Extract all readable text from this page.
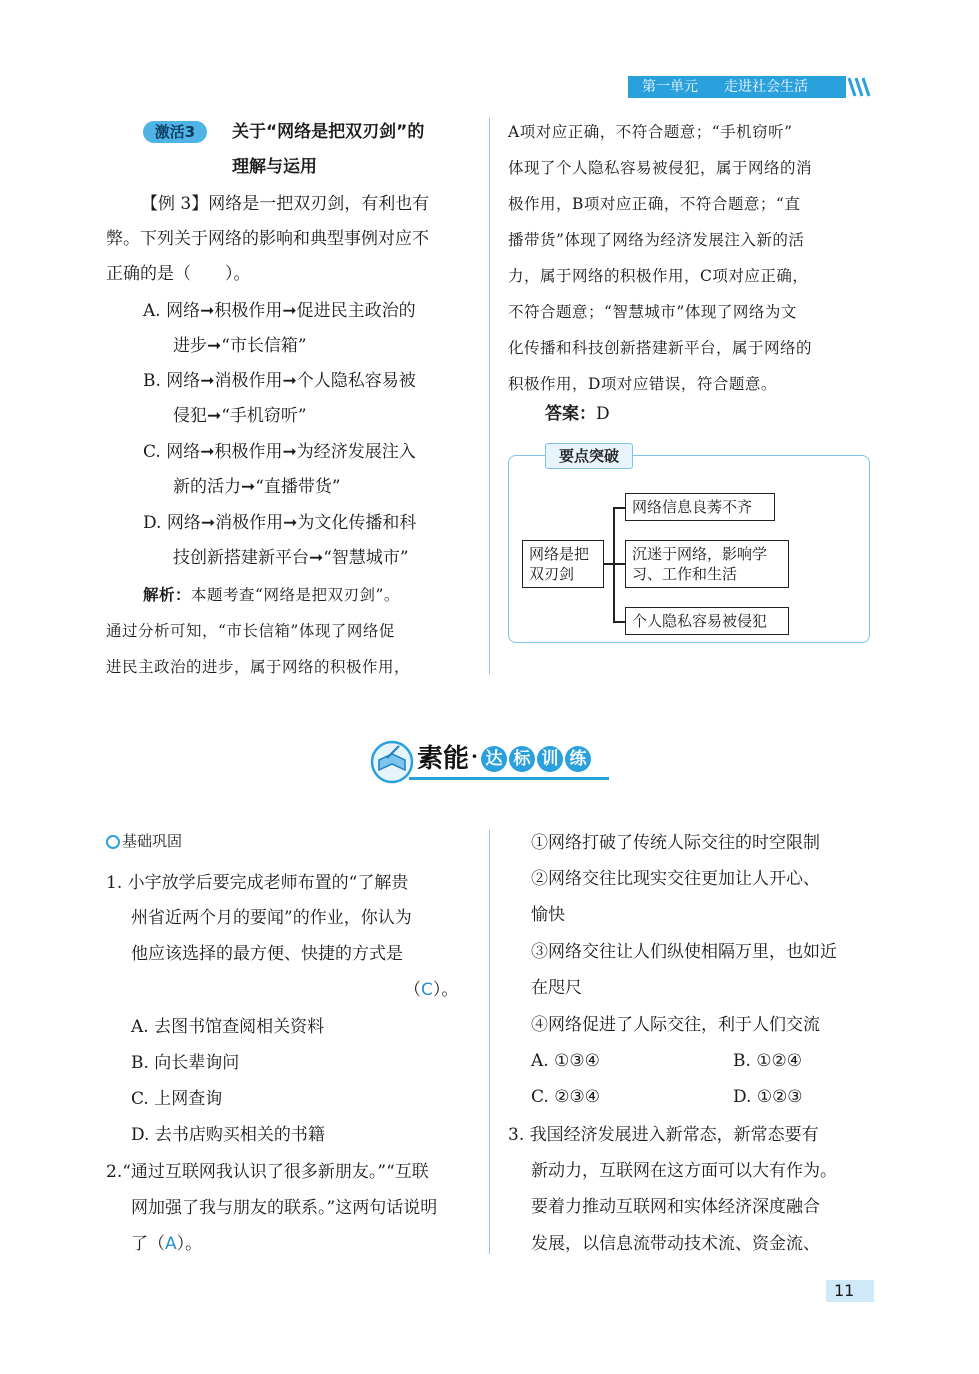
第一单元 走进社会生活
激活3	关于“网络是把双刃剑”的
理解与运用
【例 3】网络是一把双刃剑，有利也有
弊。下列关于网络的影响和典型事例对应不
正确的是（　　）。
A. 网络➞积极作用➞促进民主政治的
进步➞“市长信箱”
B. 网络➞消极作用➞个人隐私容易被
侵犯➞“手机窃听”
C. 网络➞积极作用➞为经济发展注入
新的活力➞“直播带货”
D. 网络➞消极作用➞为文化传播和科
技创新搭建新平台➞“智慧城市”
解析：本题考查“网络是把双刃剑”。
通过分析可知，“市长信箱”体现了网络促
进民主政治的进步，属于网络的积极作用，
A项对应正确，不符合题意；“手机窃听”
体现了个人隐私容易被侵犯，属于网络的消
极作用，B项对应正确，不符合题意；“直
播带货”体现了网络为经济发展注入新的活
力，属于网络的积极作用，C项对应正确，
不符合题意；“智慧城市”体现了网络为文
化传播和科技创新搭建新平台，属于网络的
积极作用，D项对应错误，符合题意。
答案：D
要点突破
网络是把
双刃剑
网络信息良莠不齐
沉迷于网络，影响学
习、工作和生活
个人隐私容易被侵犯
素能 · 达 标 训 练
基础巩固
1. 小宇放学后要完成老师布置的“了解贵
州省近两个月的要闻”的作业，你认为
他应该选择的最方便、快捷的方式是
（C）。
A. 去图书馆查阅相关资料
B. 向长辈询问
C. 上网查询
D. 去书店购买相关的书籍
2.“通过互联网我认识了很多新朋友。”“互联
网加强了我与朋友的联系。”这两句话说明
了（A）。
①网络打破了传统人际交往的时空限制
②网络交往比现实交往更加让人开心、
愉快
③网络交往让人们纵使相隔万里，也如近
在咫尺
④网络促进了人际交往，利于人们交流
A. ①③④	B. ①②④
C. ②③④	D. ①②③
3. 我国经济发展进入新常态，新常态要有
新动力，互联网在这方面可以大有作为。
要着力推动互联网和实体经济深度融合
发展，以信息流带动技术流、资金流、
11
